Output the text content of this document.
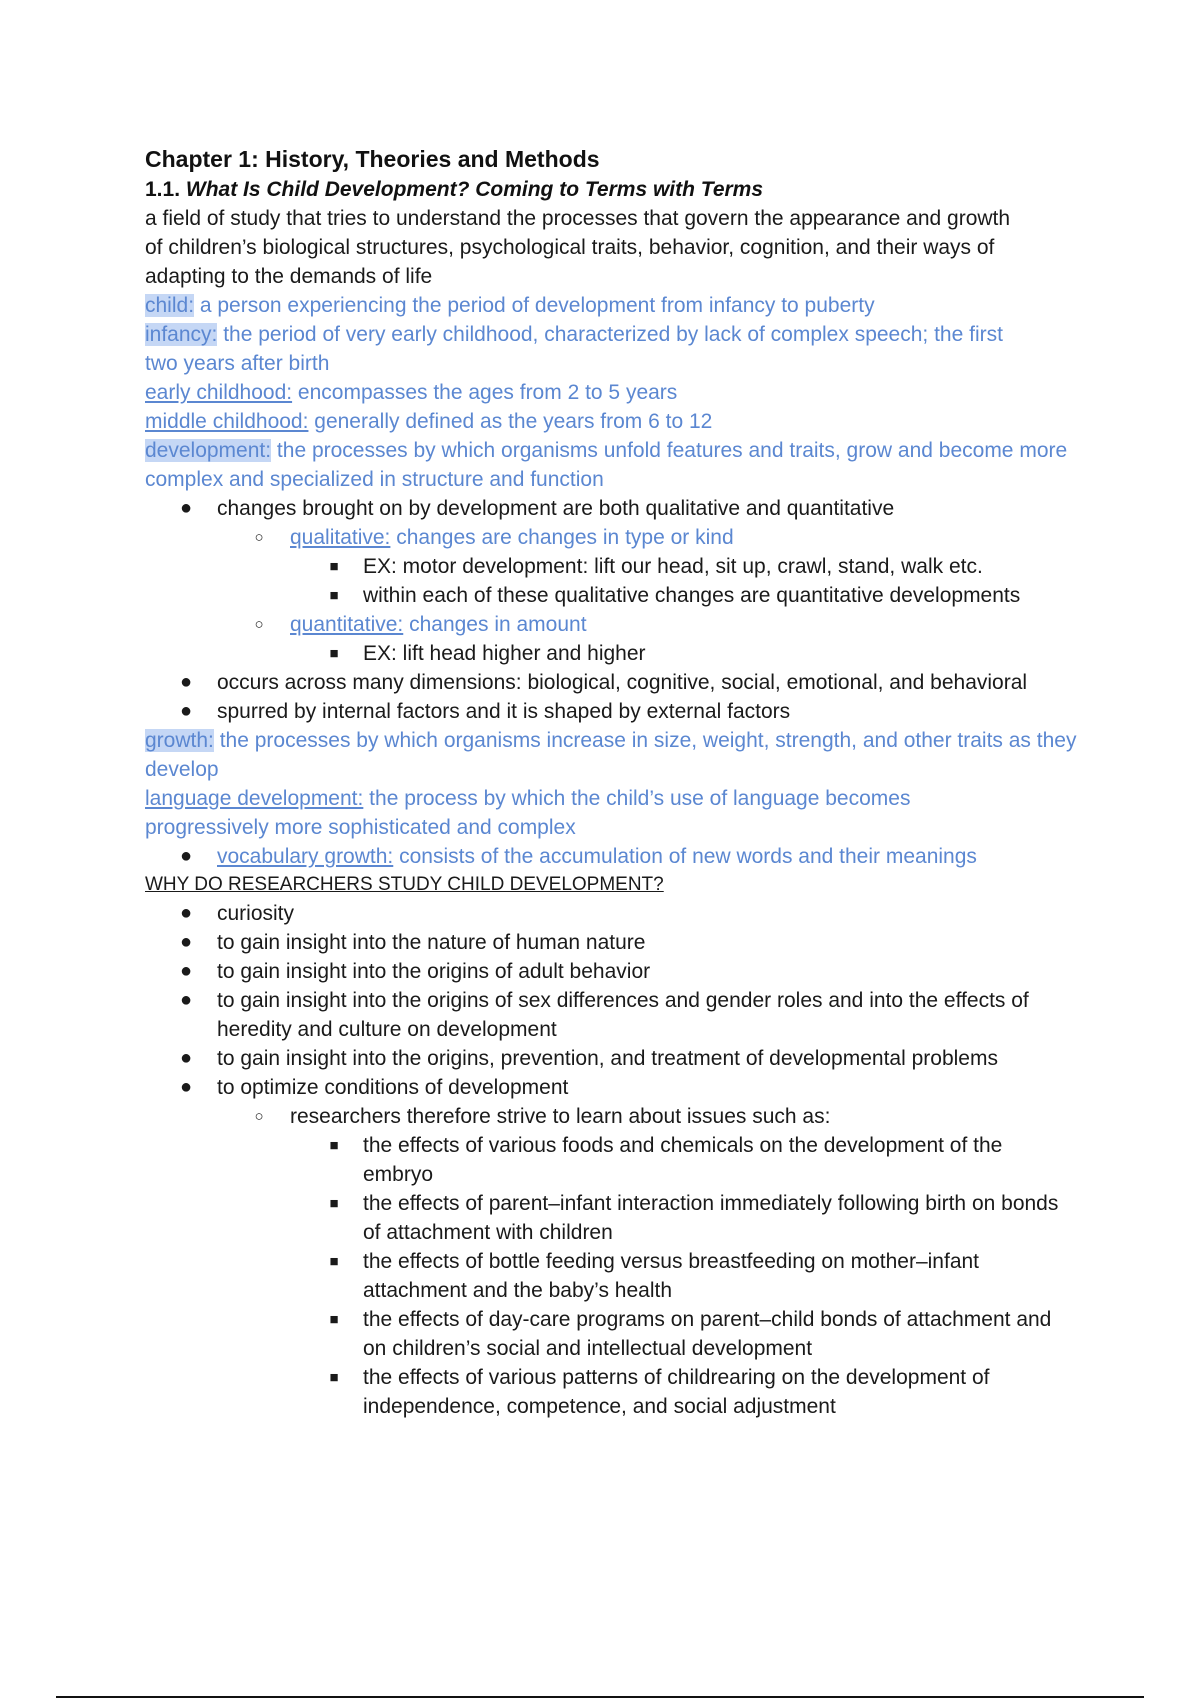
Chapter 1: History, Theories and Methods
1.1. What Is Child Development? Coming to Terms with Terms
a field of study that tries to understand the processes that govern the appearance and growth of children’s biological structures, psychological traits, behavior, cognition, and their ways of adapting to the demands of life
child: a person experiencing the period of development from infancy to puberty
infancy: the period of very early childhood, characterized by lack of complex speech; the first two years after birth
early childhood: encompasses the ages from 2 to 5 years
middle childhood: generally defined as the years from 6 to 12
development: the processes by which organisms unfold features and traits, grow and become more complex and specialized in structure and function
● changes brought on by development are both qualitative and quantitative
○ qualitative: changes are changes in type or kind
■ EX: motor development: lift our head, sit up, crawl, stand, walk etc.
■ within each of these qualitative changes are quantitative developments
○ quantitative: changes in amount
■ EX: lift head higher and higher
● occurs across many dimensions: biological, cognitive, social, emotional, and behavioral
● spurred by internal factors and it is shaped by external factors
growth: the processes by which organisms increase in size, weight, strength, and other traits as they develop
language development: the process by which the child’s use of language becomes progressively more sophisticated and complex
● vocabulary growth: consists of the accumulation of new words and their meanings
WHY DO RESEARCHERS STUDY CHILD DEVELOPMENT?
● curiosity
● to gain insight into the nature of human nature
● to gain insight into the origins of adult behavior
● to gain insight into the origins of sex differences and gender roles and into the effects of heredity and culture on development
● to gain insight into the origins, prevention, and treatment of developmental problems
● to optimize conditions of development
○ researchers therefore strive to learn about issues such as:
■ the effects of various foods and chemicals on the development of the embryo
■ the effects of parent–infant interaction immediately following birth on bonds of attachment with children
■ the effects of bottle feeding versus breastfeeding on mother–infant attachment and the baby’s health
■ the effects of day-care programs on parent–child bonds of attachment and on children’s social and intellectual development
■ the effects of various patterns of childrearing on the development of independence, competence, and social adjustment
